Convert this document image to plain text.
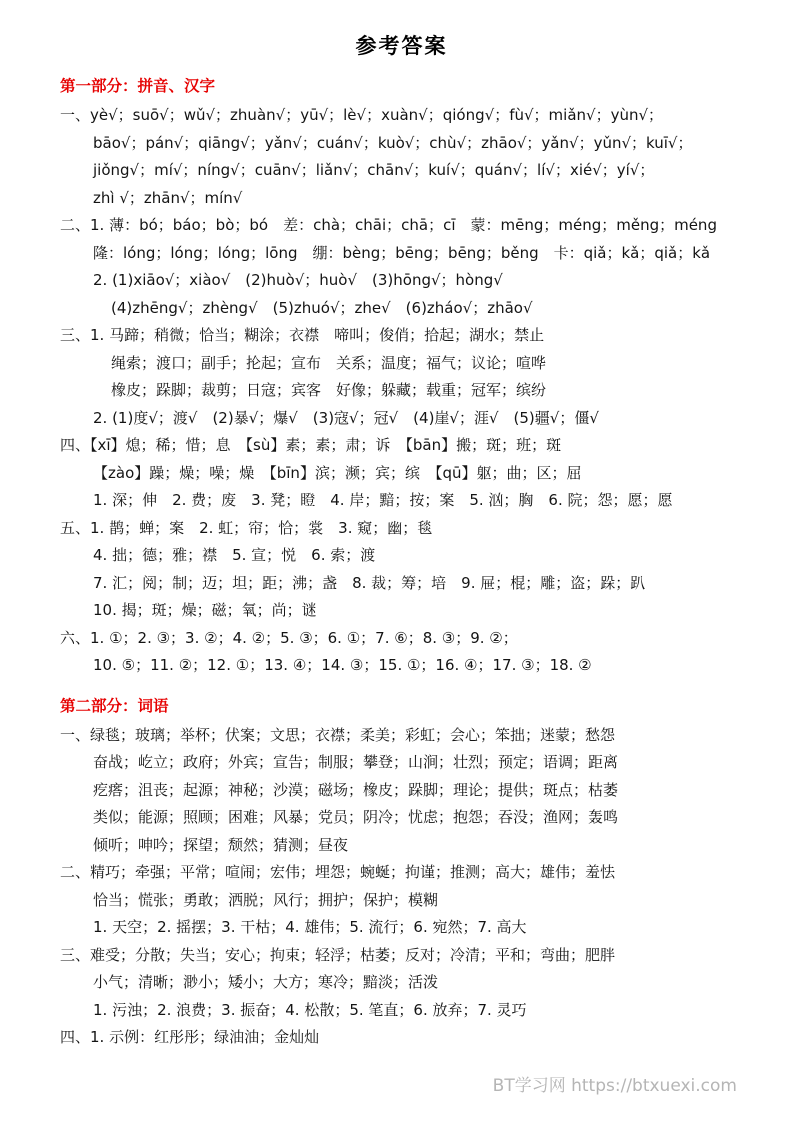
参考答案
第一部分：拼音、汉字
一、yè√；suō√；wǔ√；zhuàn√；yū√；lè√；xuàn√；qióng√；fù√；miǎn√；yùn√；
bāo√；pán√；qiāng√；yǎn√；cuán√；kuò√；chù√；zhāo√；yǎn√；yǔn√；kuī√；
jiǒng√；mí√；níng√；cuān√；liǎn√；chān√；kuí√；quán√；lí√；xié√；yí√；
zhì √；zhān√；mín√
二、1. 薄：bó；báo；bò；bó　差：chà；chāi；chā；cī　蒙：mēng；méng；měng；méng
隆：lóng；lóng；lóng；lōng　绷：bèng；bēng；bēng；běng　卡：qiǎ；kǎ；qiǎ；kǎ
2. (1)xiāo√；xiào√　(2)huò√；huò√　(3)hōng√；hòng√
(4)zhēng√；zhèng√　(5)zhuó√；zhe√　(6)zháo√；zhāo√
三、1. 马蹄；稍微；恰当；糊涂；衣襟　啼叫；俊俏；拾起；湖水；禁止
绳索；渡口；副手；抡起；宣布　关系；温度；福气；议论；喧哗
橡皮；跺脚；裁剪；日寇；宾客　好像；躲藏；载重；冠军；缤纷
2. (1)度√；渡√　(2)暴√；爆√　(3)寇√；冠√　(4)崖√；涯√　(5)疆√；僵√
四、【xī】熄；稀；惜；息　【sù】素；素；肃；诉　【bān】搬；斑；班；斑
【zào】躁；燥；噪；燥　【bīn】滨；濒；宾；缤　【qū】躯；曲；区；屈
1. 深；伸　2. 费；废　3. 凳；瞪　4. 岸；黯；按；案　5. 汹；胸　6. 院；怨；愿；愿
五、1. 鹊；蝉；案　2. 虹；帘；恰；裳　3. 窥；幽；毯
4. 拙；德；雅；襟　5. 宣；悦　6. 索；渡
7. 汇；阅；制；迈；坦；距；沸；盏　8. 裁；筹；培　9. 屉；棍；雕；盗；跺；趴
10. 揭；斑；燥；磁；氧；尚；谜
六、1. ①；2. ③；3. ②；4. ②；5. ③；6. ①；7. ⑥；8. ③；9. ②；
10. ⑤；11. ②；12. ①；13. ④；14. ③；15. ①；16. ④；17. ③；18. ②
第二部分：词语
一、绿毯；玻璃；举杯；伏案；文思；衣襟；柔美；彩虹；会心；笨拙；迷蒙；愁怨
奋战；屹立；政府；外宾；宣告；制服；攀登；山涧；壮烈；预定；语调；距离
疙瘩；沮丧；起源；神秘；沙漠；磁场；橡皮；跺脚；理论；提供；斑点；枯萎
类似；能源；照顾；困难；风暴；党员；阴冷；忧虑；抱怨；吞没；渔网；轰鸣
倾听；呻吟；探望；颓然；猜测；昼夜
二、精巧；牵强；平常；喧闹；宏伟；埋怨；蜿蜒；拘谨；推测；高大；雄伟；羞怯
恰当；慌张；勇敢；洒脱；风行；拥护；保护；模糊
1. 天空；2. 摇摆；3. 干枯；4. 雄伟；5. 流行；6. 宛然；7. 高大
三、难受；分散；失当；安心；拘束；轻浮；枯萎；反对；冷清；平和；弯曲；肥胖
小气；清晰；渺小；矮小；大方；寒冷；黯淡；活泼
1. 污浊；2. 浪费；3. 振奋；4. 松散；5. 笔直；6. 放弃；7. 灵巧
四、1. 示例：红彤彤；绿油油；金灿灿
BT学习网 https://btxuexi.com
